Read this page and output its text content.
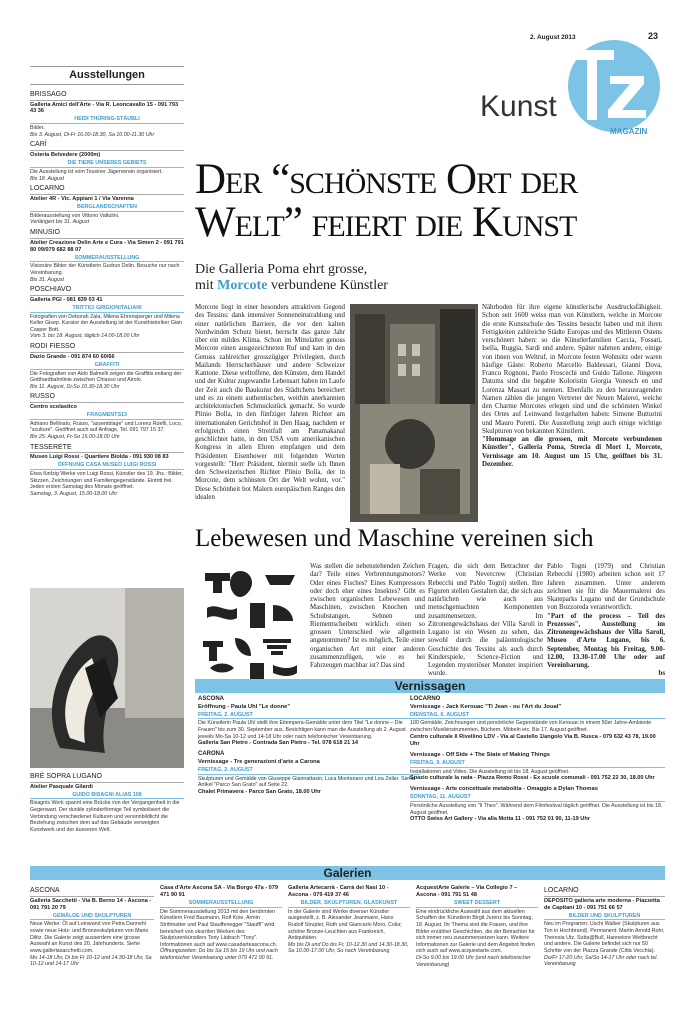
2. August 2013	23
Kunst
MAGAZIN
Ausstellungen
BRISSAGO
Galleria Amici dell'Arte - Via R. Leoncavallo 15 - 091 793 43 36
HEIDI THÜRING-STÄUBLI
Bilder.
Bis 3. August, Di-Fr 16.00-18.30, Sa 10.00-11.30 Uhr
CARÍ
Osteria Belvedere (2000m)
DIE TIERE UNSERES GEBIETS
Die Ausstellung ist vom Tessiner Jägerverein organisiert.
Bis 18. August
LOCARNO
Atelier 4R - Vic. Appiani 1 / Via Varenna
BERGLANDSCHAFTEN
Bilderausstellung von Vittorio Valtulini.
Verlängert bis 31. August
MINUSIO
Atelier Creazione Delin Arte e Cura - Via Simen 2 - 091 791 80 09/079 682 88 07
SOMMERAUSSTELLUNG
Visionäre Bilder der Künstlerin Gudrun Delin. Besuche nur nach Vereinbarung.
Bis 31. August
POSCHIAVO
Galleria PGI - 081 839 03 41
TRITTICI GRIGIONITALIANI
Fotografien von Deborah Zala, Milena Ehrensperger und Milena Keller Gisep. Kurator der Ausstellung ist der Kunsthistoriker Gian Casper Bott.
Vom 3. bis 18. August, täglich 14.00-18.00 Uhr
RODI FIESSO
Dazio Grande - 091 874 60 60/66
GRAFFITI
Die Fotografien von Aldo Balmelli zeigen die Graffitis entlang der Gotthardbahnlinie zwischen Chiasso und Airolo.
Bis 11. August, Di-So 10.30-18.30 Uhr
RUSSO
Centro scolastico
FRAGMENTS13
Adriano Bellinato, Russo, "assemblage" und Lorenz Rüefli, Loco, "sculture". Geöffnet auch auf Anfrage, Tel. 091 797 15 37.
Bis 25. August, Fr-So 15.00-18.00 Uhr
TESSERETE
Museo Luigi Rossi - Quartiere Biolda - 091 930 08 83
ÖFFNUNG CASA MUSEO LUIGI ROSSI
Etwa fünfzig Werke von Luigi Rossi, Künstler des 19. Jhs.: Bilder, Skizzen, Zeichnungen und Familiengegenstände. Eintritt frei. Jeden ersten Samstag des Monats geöffnet.
Samstag, 3. August, 15.00-18.00 Uhr
BRÈ SOPRA LUGANO
Atelier Pasquale Gilardi
GUIDO BISAGNI ALIAS 108
Bisagnis Werk spannt eine Brücke von der Vergangenheit in die Gegenwart. Der dunkle zylinderförmige Teil symbolisiert die Verbindung verschiedener Kulturen und versinnbildlicht die Beziehung zwischen dem auf das Gebäude verweigten Kunstwerk und der äusseren Welt.
Der “schönste Ort der Welt” feiert die Kunst
Die Galleria Poma ehrt grosse,
mit Morcote verbundene Künstler
Morcote liegt in einer besonders attraktiven Gegend des Tessins: dank intensiver Sonneneinstrahlung und einer natürlichen Barriere, die vor den kalten Nordwinden Schutz bietet, herrscht das ganze Jahr über ein mildes Klima. Schon im Mittelalter genoss Morcote einen ausgezeichneten Ruf und kam in den Genuss zahlreicher grosszügiger Privilegien, durch Mailands Herrscherhäuser und andere Schweizer Kantone. Diese weltoffene, den Künsten, dem Handel und der Kultur zugewandte Lebensart haben im Laufe der Zeit auch die Baukunst des Städtchens bereichert und es zu einem authentischen, weithin anerkannten architektonischen Schmuckstück gemacht. So wurde Plinio Bolla, in den fünfziger Jahren Richter am internationalen Gerichtshof in Den Haag, nachdem er erfolgreich einen Streitfall am Panamakanal geschlichtet hatte, in den USA vom amerikanischen Kongress in allen Ehren empfangen und dem Präsidenten Eisenhower mit folgenden Worten vorgestellt: "Herr Präsident, hiermit stelle ich Ihnen den Schweizerischen Richter Plinio Bolla, der in Morcote, dem schönsten Ort der Welt wohnt, vor." Diese Schönheit bot Malern europäischen Ranges den idealen
Nährboden für ihre eigene künstlerische Ausdrucksfähigkeit. Schon seit 1600 weiss man von Künstlern, welche in Morcote die erste Kunstschule des Tessins besucht haben und mit ihren Fertigkeiten zahlreiche Städte Europas und des Mittleren Ostens verschönert haben: so die Künstlerfamilien Caccia, Fossati, Isella, Ruggia, Sardi und andere. Später nahmen andere, einige von ihnen von Weltruf, in Morcote festen Wohnsitz oder waren häufige Gäste: Roberto Marcello Baldessari, Gianni Dova, Franco Rognoni, Paolo Froscechi und Guido Tallone. Jüngeren Datums sind die begabte Koloristin Giorgia Vonesch en und Lorenza Massari zu nennen. Ebenfalls zu den herausragenden Namen zählen die jungen Vertreter der Neuen Malerei, welche den Charme Morcotes erlegen sind und die schönsten Winkel des Ortes auf Leinwand festgehalten haben: Simone Butturini und Mauro Poretti. Die Ausstellung zeigt auch einige wichtige Skulpturen von bekannten Künstlern.
"Hommage an die grossen, mit Morcote verbundenen Künstler", Galleria Poma, Strecia di Mort 1, Morcote, Vernissage am 10. August um 15 Uhr, geöffnet bis 31. Dezember.
Lebewesen und Maschine vereinen sich
Was stellen die nebenstehenden Zeichen dar? Teile eines Verbrennungsmotors? Oder eines Fisches? Eines Kompressors oder doch eher eines Insektes? Gibt es zwischen organischen Lebewesen und Maschinen, zwischen Knochen und Schubstangen, Sehnen und Riementscheiben wirklich einen so grossen Unterschied wie allgemein angenommen? Ist es möglich, Teile einer organischen Art mit einer anderen zusammenzufügen, wie es bei Fahrzeugen machbar ist? Das sind
Fragen, die sich dem Betrachter der Werke von Nevercrew (Christian Rebecchi und Pablo Togni) stellen. Ihre Figuren stellen Gestalten dar, die sich aus natürlichen wie auch aus menschgemachten Komponenten zusammensetzen. Im Zitronengewächshaus der Villa Saroli in Lugano ist ein Wesen zu sehen, das sowohl durch die paläontologische Geschichte des Tessins als auch durch Kinderspiele, Science-Fiction und Legenden mysteriöser Monster inspiriert wurde.
Pablo Togni (1979) und Christian Rebecchi (1980) arbeiten schon seit 17 Jahren zusammen. Unter anderem zeichnen sie für die Mauermalerei des Skateparks Lugano und der Grundschule von Bozzoreda verantwortlich.
"Part of the process – Teil des Prozesses", Ausstellung im Zitronengewächshaus der Villa Saroli, Museo d'Arte Lugano, bis 6. September, Montag bis Freitag, 9.00-12.00, 13.30-17.00 Uhr oder auf Vereinbarung.
bs
Vernissagen
ASCONA
Eröffnung - Paula Uhl "Le donne"
FREITAG, 2. AUGUST
Die Künstlerin Paula Uhl stellt ihre Eitempera-Gemälde unter dem Titel "Le donne – Die Frauen" bis zum 30. September aus. Besichtigen kann man die Ausstellung ab 2. August jeweils Mo-Sa 10-12 und 14-18 Uhr oder nach telefonischer Vereinbarung.
Galleria San Pietro - Contrada San Pietro - Tel. 078 618 21 14
CARONA
Vernissage - Tre generazioni d'arte a Carona
FREITAG, 2. AUGUST
Skulpturen und Gemälde von Giuseppe Giannattasio; Luca Montanaro und Lea Zeller. Siehe Artikel "Parco San Grato" auf Seite 22.
Chalet Primavera - Parco San Grato, 18.00 Uhr
LOCARNO
Vernissage - Jack Kerouac "Ti Jean - ou l'Art du Joual"
DIENSTAG, 6. AUGUST
100 Gemälde, Zeichnungen und persönliche Gegenstände von Kerouac in einem 50er Jahre-Ambiente zwischen Musikinstrumenten, Büchern, Möbeln etc. Bis 17. August geöffnet.
Centro culturale Il Rivellino LDV - Via al Castello 1/angolo Via B. Rusca - 079 632 43 78, 19.00 Uhr
Vernissage - Off Side + The State of Making Things
FREITAG, 9. AUGUST
Installationen und Video. Die Ausstellung ist bis 18. August geöffnet.
Spazio culturale la rada - Piazza Remo Rossi - Ex scuole comunali - 091 752 22 30, 18.00 Uhr
Vernissage - Arte concettuale metabolita - Omaggio a Dylan Thomas
SONNTAG, 11. AUGUST
Persönliche Ausstellung von "Il Theo". Während dem Filmfestival täglich geöffnet. Die Ausstellung ist bis 18. August geöffnet.
OTTO Swiss Art Gallery - Via alla Motta 11 - 091 752 01 90, 11-19 Uhr
Galerien
ASCONA
Galleria Sacchetti - Via B. Berno 14 - Ascona - 091 791 20 79
GEMÄLDE UND SKULPTUREN
Neue Werke: Öl auf Leinwand von Petra Dannehl sowie neue Holz- und Bronzeskulpturen von Mario Dilitz. Die Galerie zeigt ausserdem eine grosse Auswahl an Kunst des 20. Jahrhunderts. Siehe www.galleriasacchetti.com.
Mo 14-18 Uhr, Di bis Fr 10-12 und 14.30-18 Uhr, Sa 10-12 und 14-17 Uhr
Casa d'Arte Ascona SA - Via Borgo 47a - 079 471 90 91
SOMMERAUSSTELLUNG
Die Sommerausstellung 2013 mit den berühmten Künstlern Fred Baumann, Rolf Knie, Armin Strittmatter und Paul Stauffenegger "Stauffi" wird bereichert von skurrilen Werken des Skulpturenkünstlers Tony Lädrach "Tony". Informationen auch auf www.casadarteascona.ch.
Öffnungszeiten: Do bis Sa 15 bis 19 Uhr und nach telefonischer Vereinbarung unter 079 471 90 91.
Galleria Artecarrà - Carrà dei Nasi 10 - Ascona - 079 419 37 46
BILDER, SKULPTUREN, GLASKUNST
In der Galerie sind Werke diverser Künstler ausgestellt, z. B. Alexander Jeanmaire, Hans Rudolf Strupler, Ruth und Giancarlo Moro, Colia; schöne Bronze-Leuchten aus Frankreich, Antiquitäten.
Mo bis Di und Do bis Fr, 10-12.30 und 14.30-18.30, Sa 10.00-17.00 Uhr, So nach Vereinbarung
AcquestArte Galerie – Via Collegio 7 – Ascona - 091 791 51 48
SWEET DESSERT
Eine eindrückliche Auswahl aus dem aktuellen Schaffen der Künstlerin Birgit Jurenz bis Sonntag, 18. August. Ihr Thema sind die Frauen, und ihre Bilder erzählen Geschichten, die der Betrachter für sich immer neu zusammensetzen kann. Weitere Informationen zur Galerie und dem Angebot finden sich auch auf www.acquestarte.com.
Di-So 9.00 bis 19.00 Uhr (und nach telefonischer Vereinbarung)
LOCARNO
DEPOSITO galleria arte moderna - Piazzetta de Capitani 10 - 091 751 66 57
BILDER UND SKULPTUREN
Neu im Programm: Uschi Walker (Skulpturen aus Ton in Hochbrand). Permanent: Martin Arnold Rohr, Theresia Utz, Sutta@Bull, Hannelore Weitbrecht und andere. Die Galerie befindet sich nur 50 Schritte von der Piazza Grande (Città Vecchia).
Do/Fr 17-20 Uhr, Sa/So 14-17 Uhr oder nach tel. Vereinbarung
